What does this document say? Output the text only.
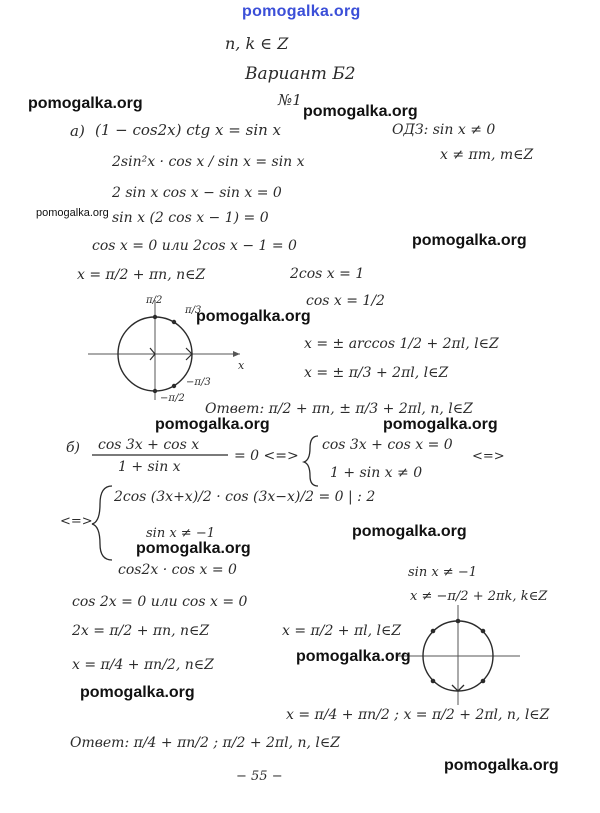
pomogalka.org
n, k ∈ Z
Вариант Б2
№1
а) (1 − cos2x) ctg x = sin x	ОДЗ: sin x ≠ 0
x ≠ πm, m∈Z
2sin²x · cos x / sin x = sin x
2 sin x cos x − sin x = 0
sin x (2 cos x − 1) = 0
cos x = 0 или 2cos x − 1 = 0
x = π/2 + πn, n∈Z	2cos x = 1
cos x = 1/2
π/2
π/3
−π/3
−π/2
x
x = ± arccos 1/2 + 2πl, l∈Z
x = ± π/3 + 2πl, l∈Z
Ответ: π/2 + πn, ± π/3 + 2πl, n, l∈Z
б) cos 3x + cos x
1 + sin x
= 0 <=>
cos 3x + cos x = 0
1 + sin x ≠ 0
<=>
<=>
2cos (3x+x)/2 · cos (3x−x)/2 = 0 | : 2
sin x ≠ −1
cos2x · cos x = 0	sin x ≠ −1
x ≠ −π/2 + 2πk, k∈Z
cos 2x = 0 или cos x = 0
2x = π/2 + πn, n∈Z	x = π/2 + πl, l∈Z
x = π/4 + πn/2, n∈Z
x = π/4 + πn/2 ; x = π/2 + 2πl, n, l∈Z
Ответ: π/4 + πn/2 ; π/2 + 2πl, n, l∈Z
− 55 −
pomogalka.org	pomogalka.org
pomogalka.org
pomogalka.org
pomogalka.org
pomogalka.org	pomogalka.org
pomogalka.org
pomogalka.org
pomogalka.org
pomogalka.org
pomogalka.org
